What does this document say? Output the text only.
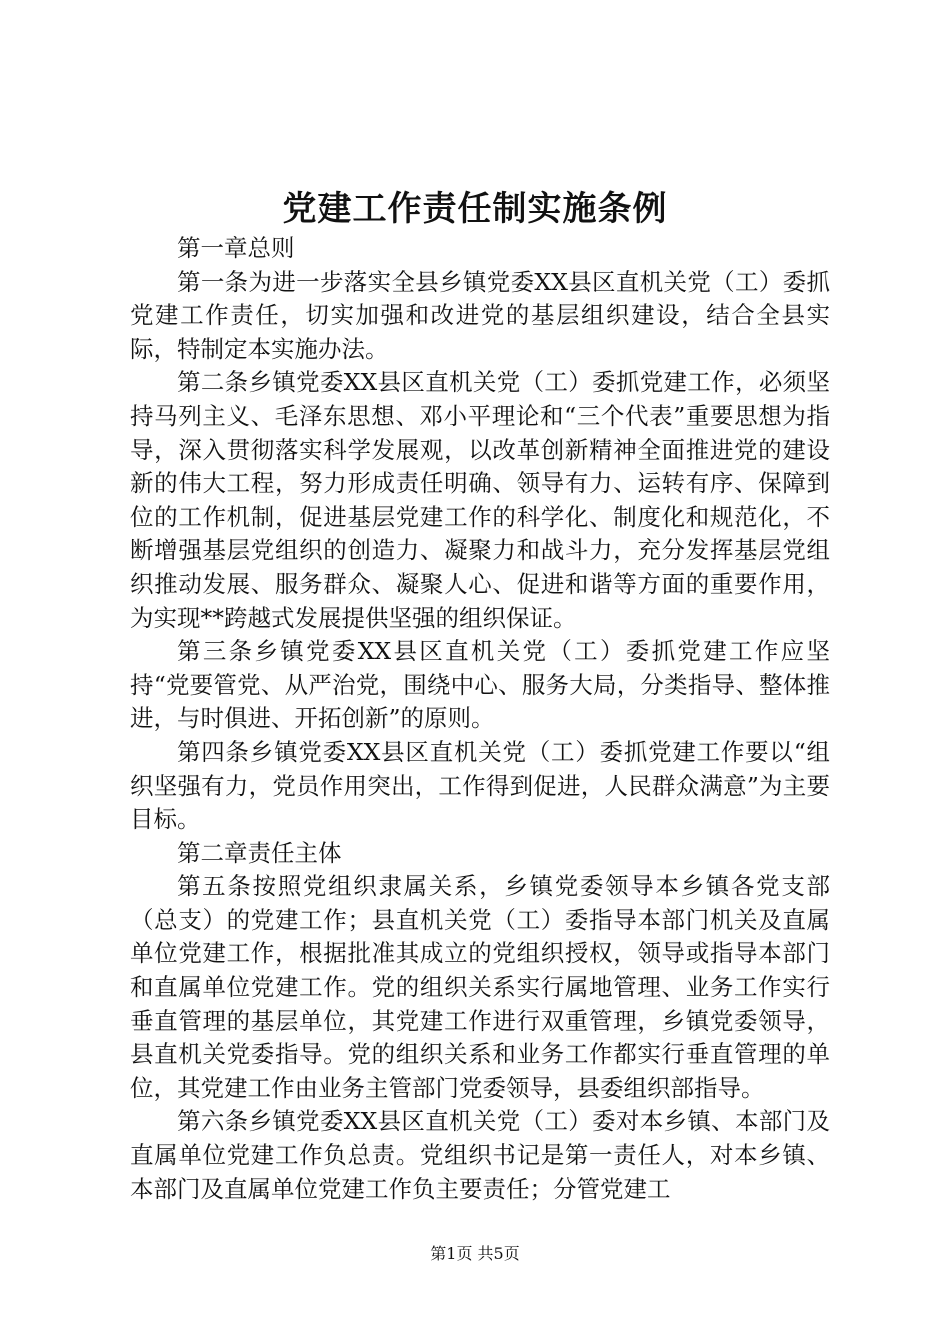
党建工作责任制实施条例

第一章总则

第一条为进一步落实全县乡镇党委XX县区直机关党（工）委抓党建工作责任，切实加强和改进党的基层组织建设，结合全县实际，特制定本实施办法。

第二条乡镇党委XX县区直机关党（工）委抓党建工作，必须坚持马列主义、毛泽东思想、邓小平理论和“三个代表”重要思想为指导，深入贯彻落实科学发展观，以改革创新精神全面推进党的建设新的伟大工程，努力形成责任明确、领导有力、运转有序、保障到位的工作机制，促进基层党建工作的科学化、制度化和规范化，不断增强基层党组织的创造力、凝聚力和战斗力，充分发挥基层党组织推动发展、服务群众、凝聚人心、促进和谐等方面的重要作用，为实现**跨越式发展提供坚强的组织保证。

第三条乡镇党委XX县区直机关党（工）委抓党建工作应坚持“党要管党、从严治党，围绕中心、服务大局，分类指导、整体推进，与时俱进、开拓创新”的原则。

第四条乡镇党委XX县区直机关党（工）委抓党建工作要以“组织坚强有力，党员作用突出，工作得到促进，人民群众满意”为主要目标。

第二章责任主体

第五条按照党组织隶属关系，乡镇党委领导本乡镇各党支部（总支）的党建工作；县直机关党（工）委指导本部门机关及直属单位党建工作，根据批准其成立的党组织授权，领导或指导本部门和直属单位党建工作。党的组织关系实行属地管理、业务工作实行垂直管理的基层单位，其党建工作进行双重管理，乡镇党委领导，县直机关党委指导。党的组织关系和业务工作都实行垂直管理的单位，其党建工作由业务主管部门党委领导，县委组织部指导。

第六条乡镇党委XX县区直机关党（工）委对本乡镇、本部门及直属单位党建工作负总责。党组织书记是第一责任人，对本乡镇、本部门及直属单位党建工作负主要责任；分管党建工

第1页 共5页
